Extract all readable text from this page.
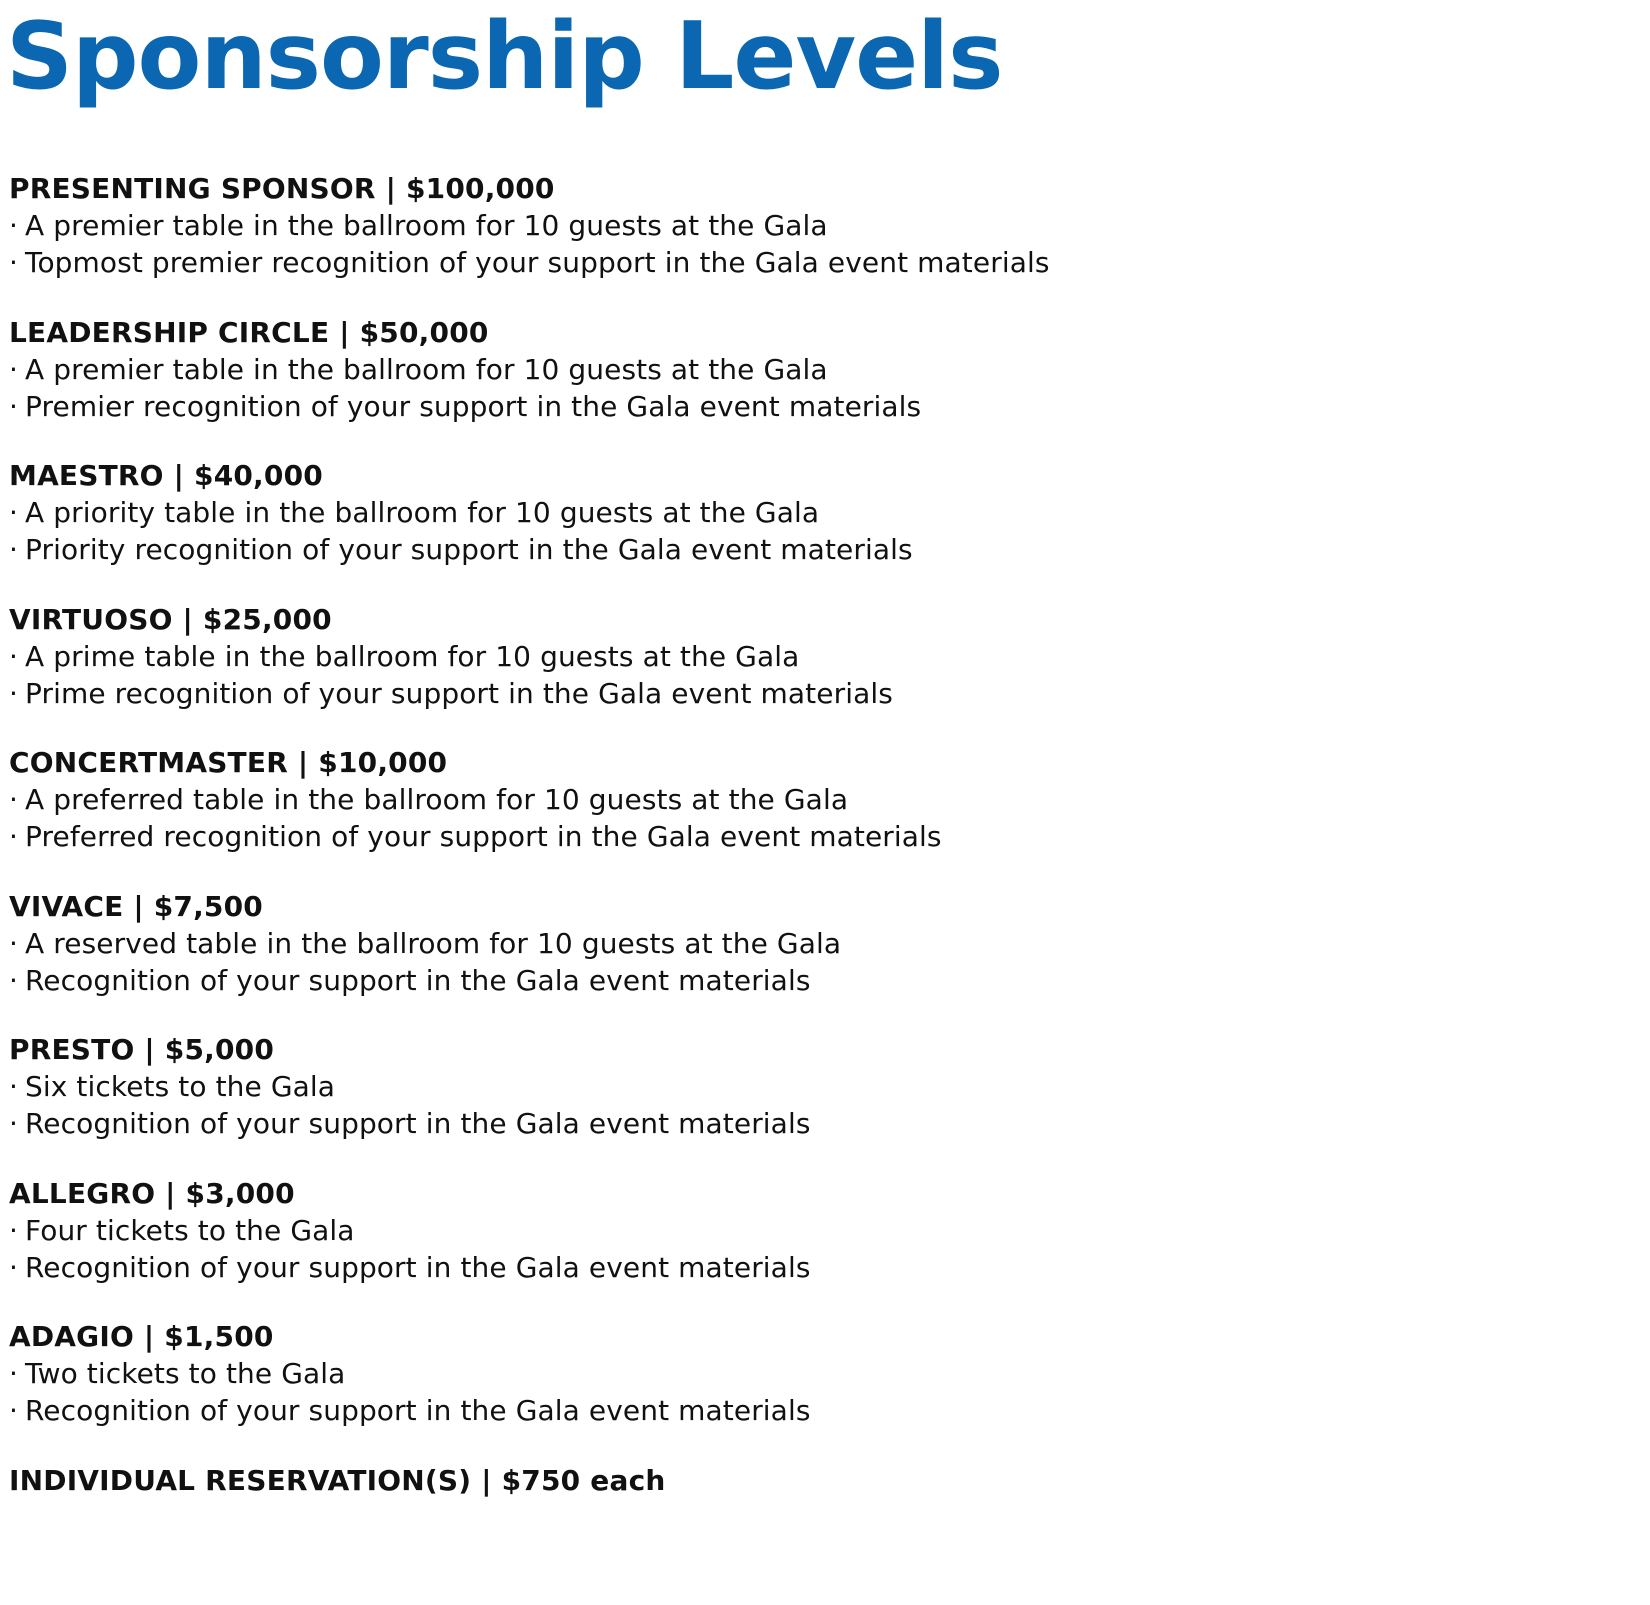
Sponsorship Levels
PRESENTING SPONSOR | $100,000
· A premier table in the ballroom for 10 guests at the Gala
· Topmost premier recognition of your support in the Gala event materials
LEADERSHIP CIRCLE | $50,000
· A premier table in the ballroom for 10 guests at the Gala
· Premier recognition of your support in the Gala event materials
MAESTRO | $40,000
· A priority table in the ballroom for 10 guests at the Gala
· Priority recognition of your support in the Gala event materials
VIRTUOSO | $25,000
· A prime table in the ballroom for 10 guests at the Gala
· Prime recognition of your support in the Gala event materials
CONCERTMASTER | $10,000
· A preferred table in the ballroom for 10 guests at the Gala
· Preferred recognition of your support in the Gala event materials
VIVACE | $7,500
· A reserved table in the ballroom for 10 guests at the Gala
· Recognition of your support in the Gala event materials
PRESTO | $5,000
· Six tickets to the Gala
· Recognition of your support in the Gala event materials
ALLEGRO | $3,000
· Four tickets to the Gala
· Recognition of your support in the Gala event materials
ADAGIO | $1,500
· Two tickets to the Gala
· Recognition of your support in the Gala event materials
INDIVIDUAL RESERVATION(S) | $750 each
